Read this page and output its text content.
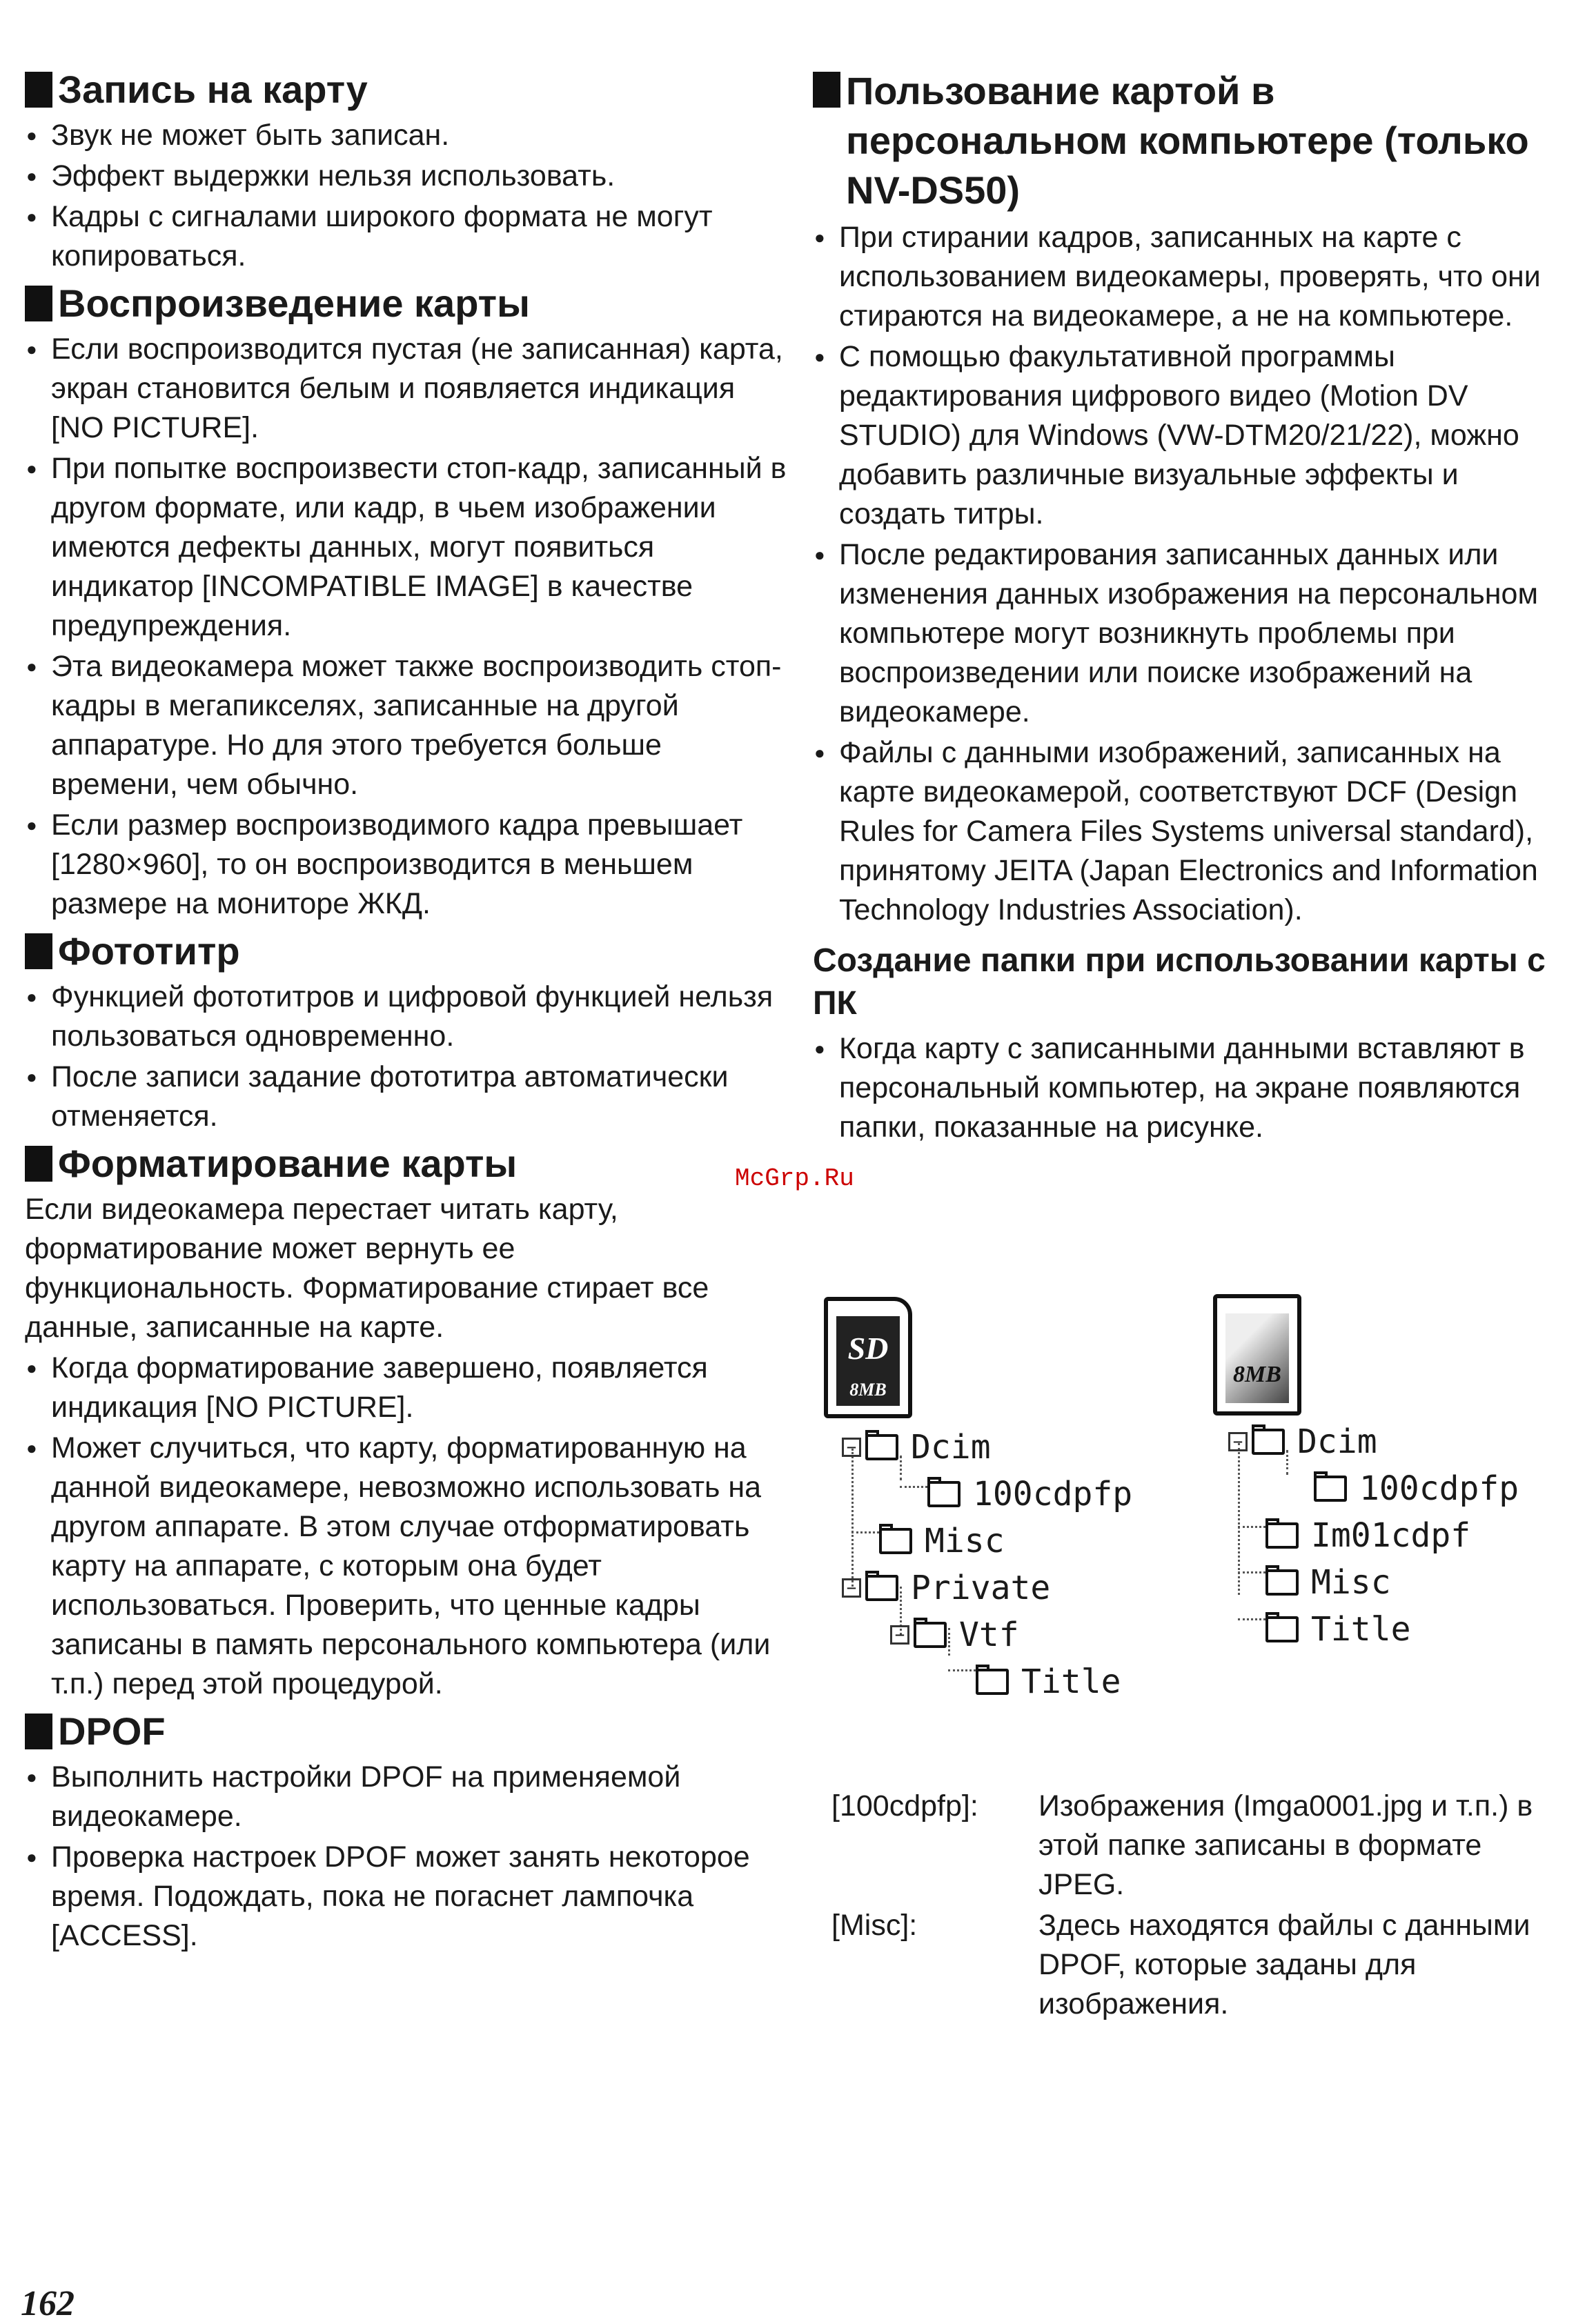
Запись на карту
● Звук не может быть записан.
● Эффект выдержки нельзя использовать.
● Кадры с сигналами широкого формата не могут копироваться.
Воспроизведение карты
● Если воспроизводится пустая (не записанная) карта, экран становится белым и появляется индикация [NO PICTURE].
● При попытке воспроизвести стоп-кадр, записанный в другом формате, или кадр, в чьем изображении имеются дефекты данных, могут появиться индикатор [INCOMPATIBLE IMAGE] в качестве предупреждения.
● Эта видеокамера может также воспроизводить стоп-кадры в мегапикселях, записанные на другой аппаратуре. Но для этого требуется больше времени, чем обычно.
● Если размер воспроизводимого кадра превышает [1280×960], то он воспроизводится в меньшем размере на мониторе ЖКД.
Фототитр
● Функцией фототитров и цифровой функцией нельзя пользоваться одновременно.
● После записи задание фототитра автоматически отменяется.
Форматирование карты
Если видеокамера перестает читать карту, форматирование может вернуть ее функциональность. Форматирование стирает все данные, записанные на карте.
● Когда форматирование завершено, появляется индикация [NO PICTURE].
● Может случиться, что карту, форматированную на данной видеокамере, невозможно использовать на другом аппарате. В этом случае отформатировать карту на аппарате, с которым она будет использоваться. Проверить, что ценные кадры записаны в память персонального компьютера (или т.п.) перед этой процедурой.
DPOF
● Выполнить настройки DPOF на применяемой видеокамере.
● Проверка настроек DPOF может занять некоторое время. Подождать, пока не погаснет лампочка [ACCESS].
Пользование картой в персональном компьютере (только NV-DS50)
● При стирании кадров, записанных на карте с использованием видеокамеры, проверять, что они стираются на видеокамере, а не на компьютере.
● С помощью факультативной программы редактирования цифрового видео (Motion DV STUDIO) для Windows (VW-DTM20/21/22), можно добавить различные визуальные эффекты и создать титры.
● После редактирования записанных данных или изменения данных изображения на персональном компьютере могут возникнуть проблемы при воспроизведении или поиске изображений на видеокамере.
● Файлы с данными изображений, записанных на карте видеокамерой, соответствуют DCF (Design Rules for Camera Files Systems universal standard), принятому JEITA (Japan Electronics and Information Technology Industries Association).
Создание папки при использовании карты с ПК
● Когда карту с записанными данными вставляют в персональный компьютер, на экране появляются папки, показанные на рисунке.
McGrp.Ru
SD
8MB
8MB
− Dcim
100cdpfp
Misc
− Private
− Vtf
Title
− Dcim
100cdpfp
Im01cdpf
Misc
Title
[100cdpfp]:	Изображения (Imga0001.jpg и т.п.) в этой папке записаны в формате JPEG.
[Misc]:	Здесь находятся файлы с данными DPOF, которые заданы для изображения.
162
